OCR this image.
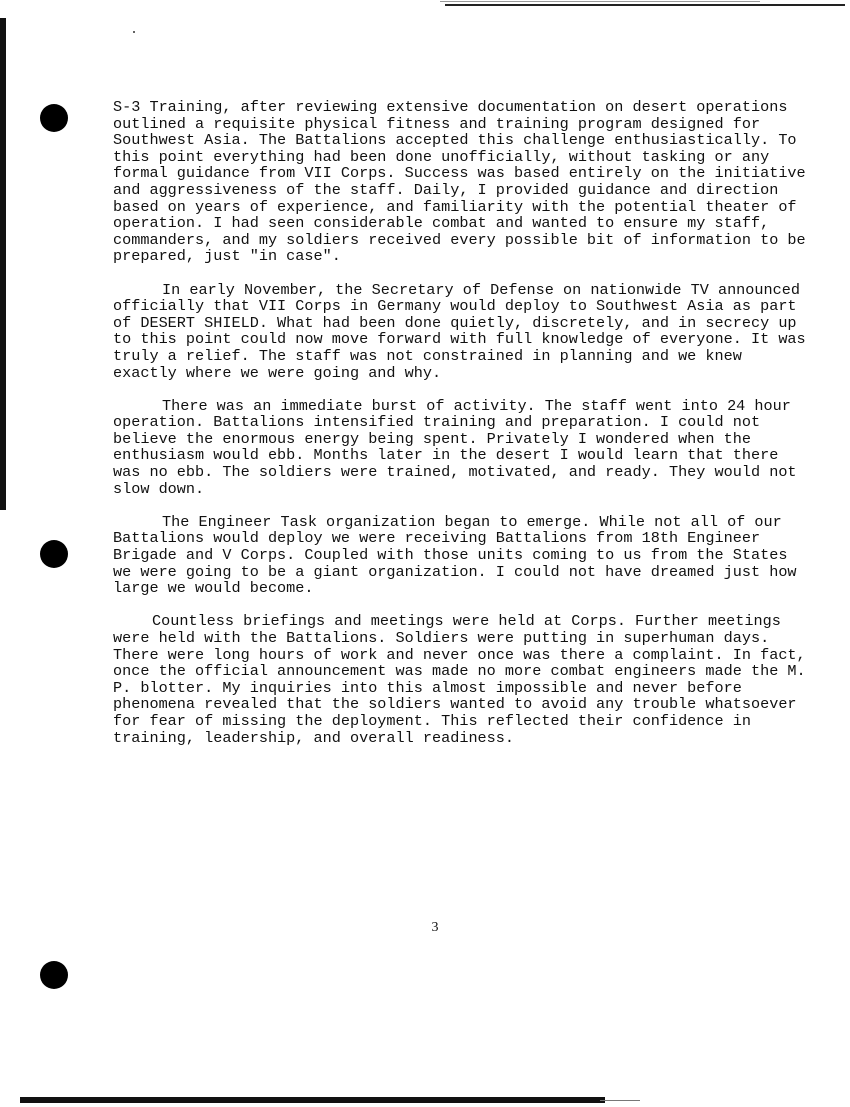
S-3 Training, after reviewing extensive documentation on desert operations outlined a requisite physical fitness and training program designed for Southwest Asia. The Battalions accepted this challenge enthusiastically. To this point everything had been done unofficially, without tasking or any formal guidance from VII Corps. Success was based entirely on the initiative and aggressiveness of the staff. Daily, I provided guidance and direction based on years of experience, and familiarity with the potential theater of operation. I had seen considerable combat and wanted to ensure my staff, commanders, and my soldiers received every possible bit of information to be prepared, just "in case".

In early November, the Secretary of Defense on nationwide TV announced officially that VII Corps in Germany would deploy to Southwest Asia as part of DESERT SHIELD. What had been done quietly, discretely, and in secrecy up to this point could now move forward with full knowledge of everyone. It was truly a relief. The staff was not constrained in planning and we knew exactly where we were going and why.

There was an immediate burst of activity. The staff went into 24 hour operation. Battalions intensified training and preparation. I could not believe the enormous energy being spent. Privately I wondered when the enthusiasm would ebb. Months later in the desert I would learn that there was no ebb. The soldiers were trained, motivated, and ready. They would not slow down.

The Engineer Task organization began to emerge. While not all of our Battalions would deploy we were receiving Battalions from 18th Engineer Brigade and V Corps. Coupled with those units coming to us from the States we were going to be a giant organization. I could not have dreamed just how large we would become.

Countless briefings and meetings were held at Corps. Further meetings were held with the Battalions. Soldiers were putting in superhuman days. There were long hours of work and never once was there a complaint. In fact, once the official announcement was made no more combat engineers made the M. P. blotter. My inquiries into this almost impossible and never before phenomena revealed that the soldiers wanted to avoid any trouble whatsoever for fear of missing the deployment. This reflected their confidence in training, leadership, and overall readiness.

3
